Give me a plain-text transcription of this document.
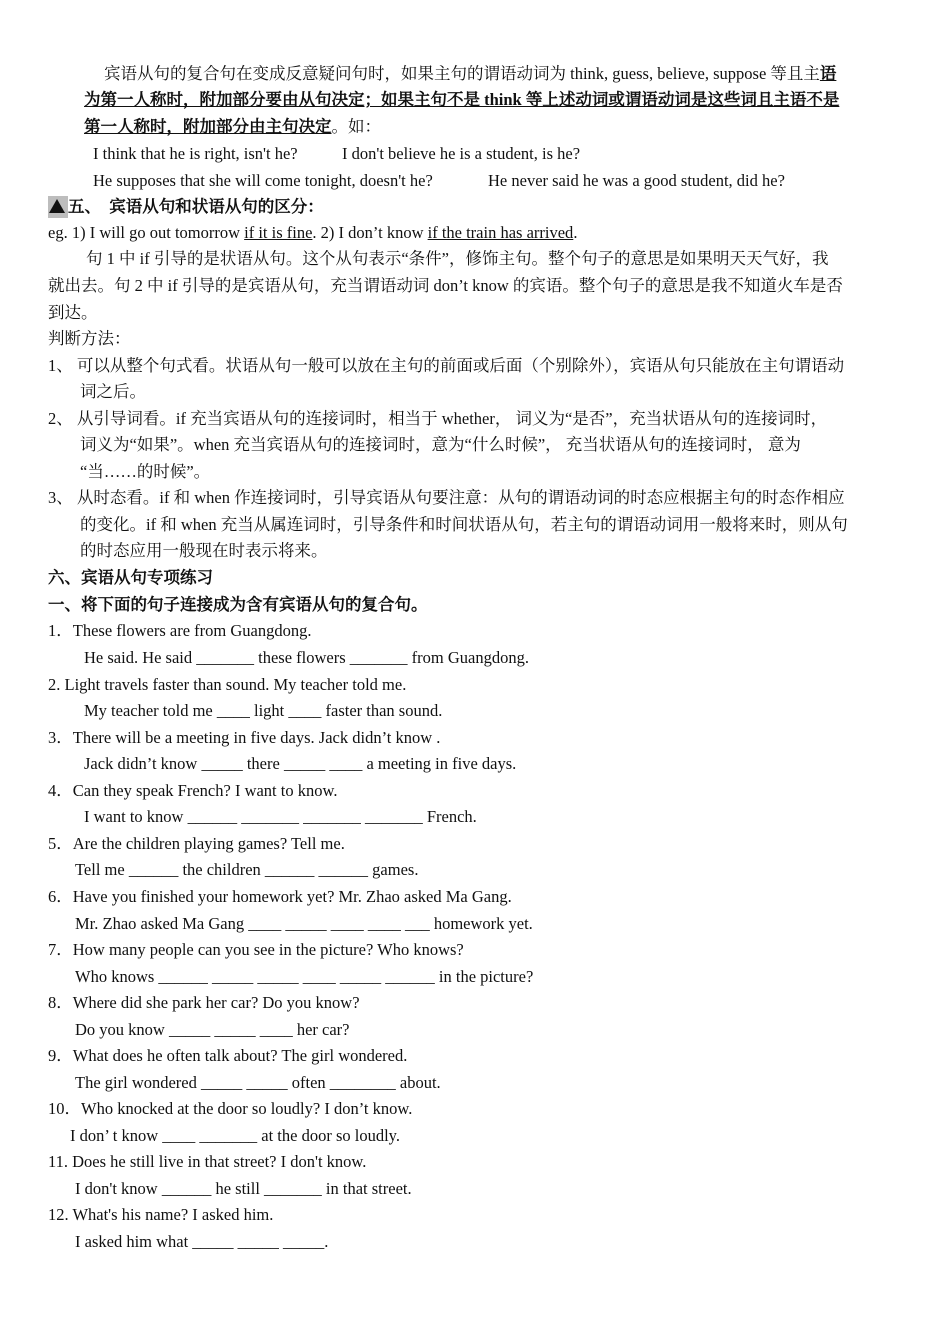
宾语从句的复合句在变成反意疑问句时，如果主句的谓语动词为 think, guess, believe, suppose 等且主语
为第一人称时，附加部分要由从句决定；如果主句不是 think 等上述动词或谓语动词是这些词且主语不是
第一人称时，附加部分由主句决定。如：
I think that he is right, isn't he?	I don't believe he is a student, is he?
He supposes that she will come tonight, doesn't he?	He never said he was a good student, did he?
五、　宾语从句和状语从句的区分：
eg. 1) I will go out tomorrow if it is fine. 2) I don’t know if the train has arrived.
句 1 中 if 引导的是状语从句。这个从句表示“条件”，修饰主句。整个句子的意思是如果明天天气好，我
就出去。句 2 中 if 引导的是宾语从句，充当谓语动词 don’t know 的宾语。整个句子的意思是我不知道火车是否
到达。
判断方法：
1、 可以从整个句式看。状语从句一般可以放在主句的前面或后面（个别除外），宾语从句只能放在主句谓语动
词之后。
2、 从引导词看。if 充当宾语从句的连接词时，相当于 whether， 词义为“是否”，充当状语从句的连接词时，
词义为“如果”。when 充当宾语从句的连接词时，意为“什么时候”， 充当状语从句的连接词时， 意为
“当……的时候”。
3、 从时态看。if 和 when 作连接词时，引导宾语从句要注意：从句的谓语动词的时态应根据主句的时态作相应
的变化。if 和 when 充当从属连词时，引导条件和时间状语从句，若主句的谓语动词用一般将来时，则从句
的时态应用一般现在时表示将来。
六、宾语从句专项练习
一、将下面的句子连接成为含有宾语从句的复合句。
1．These flowers are from Guangdong.
He said. He said _______ these flowers _______ from Guangdong.
2. Light travels faster than sound. My teacher told me.
My teacher told me ____ light ____ faster than sound.
3．There will be a meeting in five days. Jack didn’t know .
Jack didn’t know _____ there _____ ____ a meeting in five days.
4．Can they speak French? I want to know.
I want to know ______ _______ _______ _______ French.
5．Are the children playing games? Tell me.
Tell me ______ the children ______ ______ games.
6．Have you finished your homework yet? Mr. Zhao asked Ma Gang.
Mr. Zhao asked Ma Gang ____ _____ ____ ____ ___ homework yet.
7．How many people can you see in the picture? Who knows?
Who knows ______ _____ _____ ____ _____ ______ in the picture?
8．Where did she park her car? Do you know?
Do you know _____ _____ ____ her car?
9．What does he often talk about? The girl wondered.
The girl wondered _____ _____ often ________ about.
10．Who knocked at the door so loudly? I don’t know.
I don’ t know ____ _______ at the door so loudly.
11. Does he still live in that street? I don't know.
I don't know ______ he still _______ in that street.
12. What's his name? I asked him.
I asked him what _____ _____ _____.
